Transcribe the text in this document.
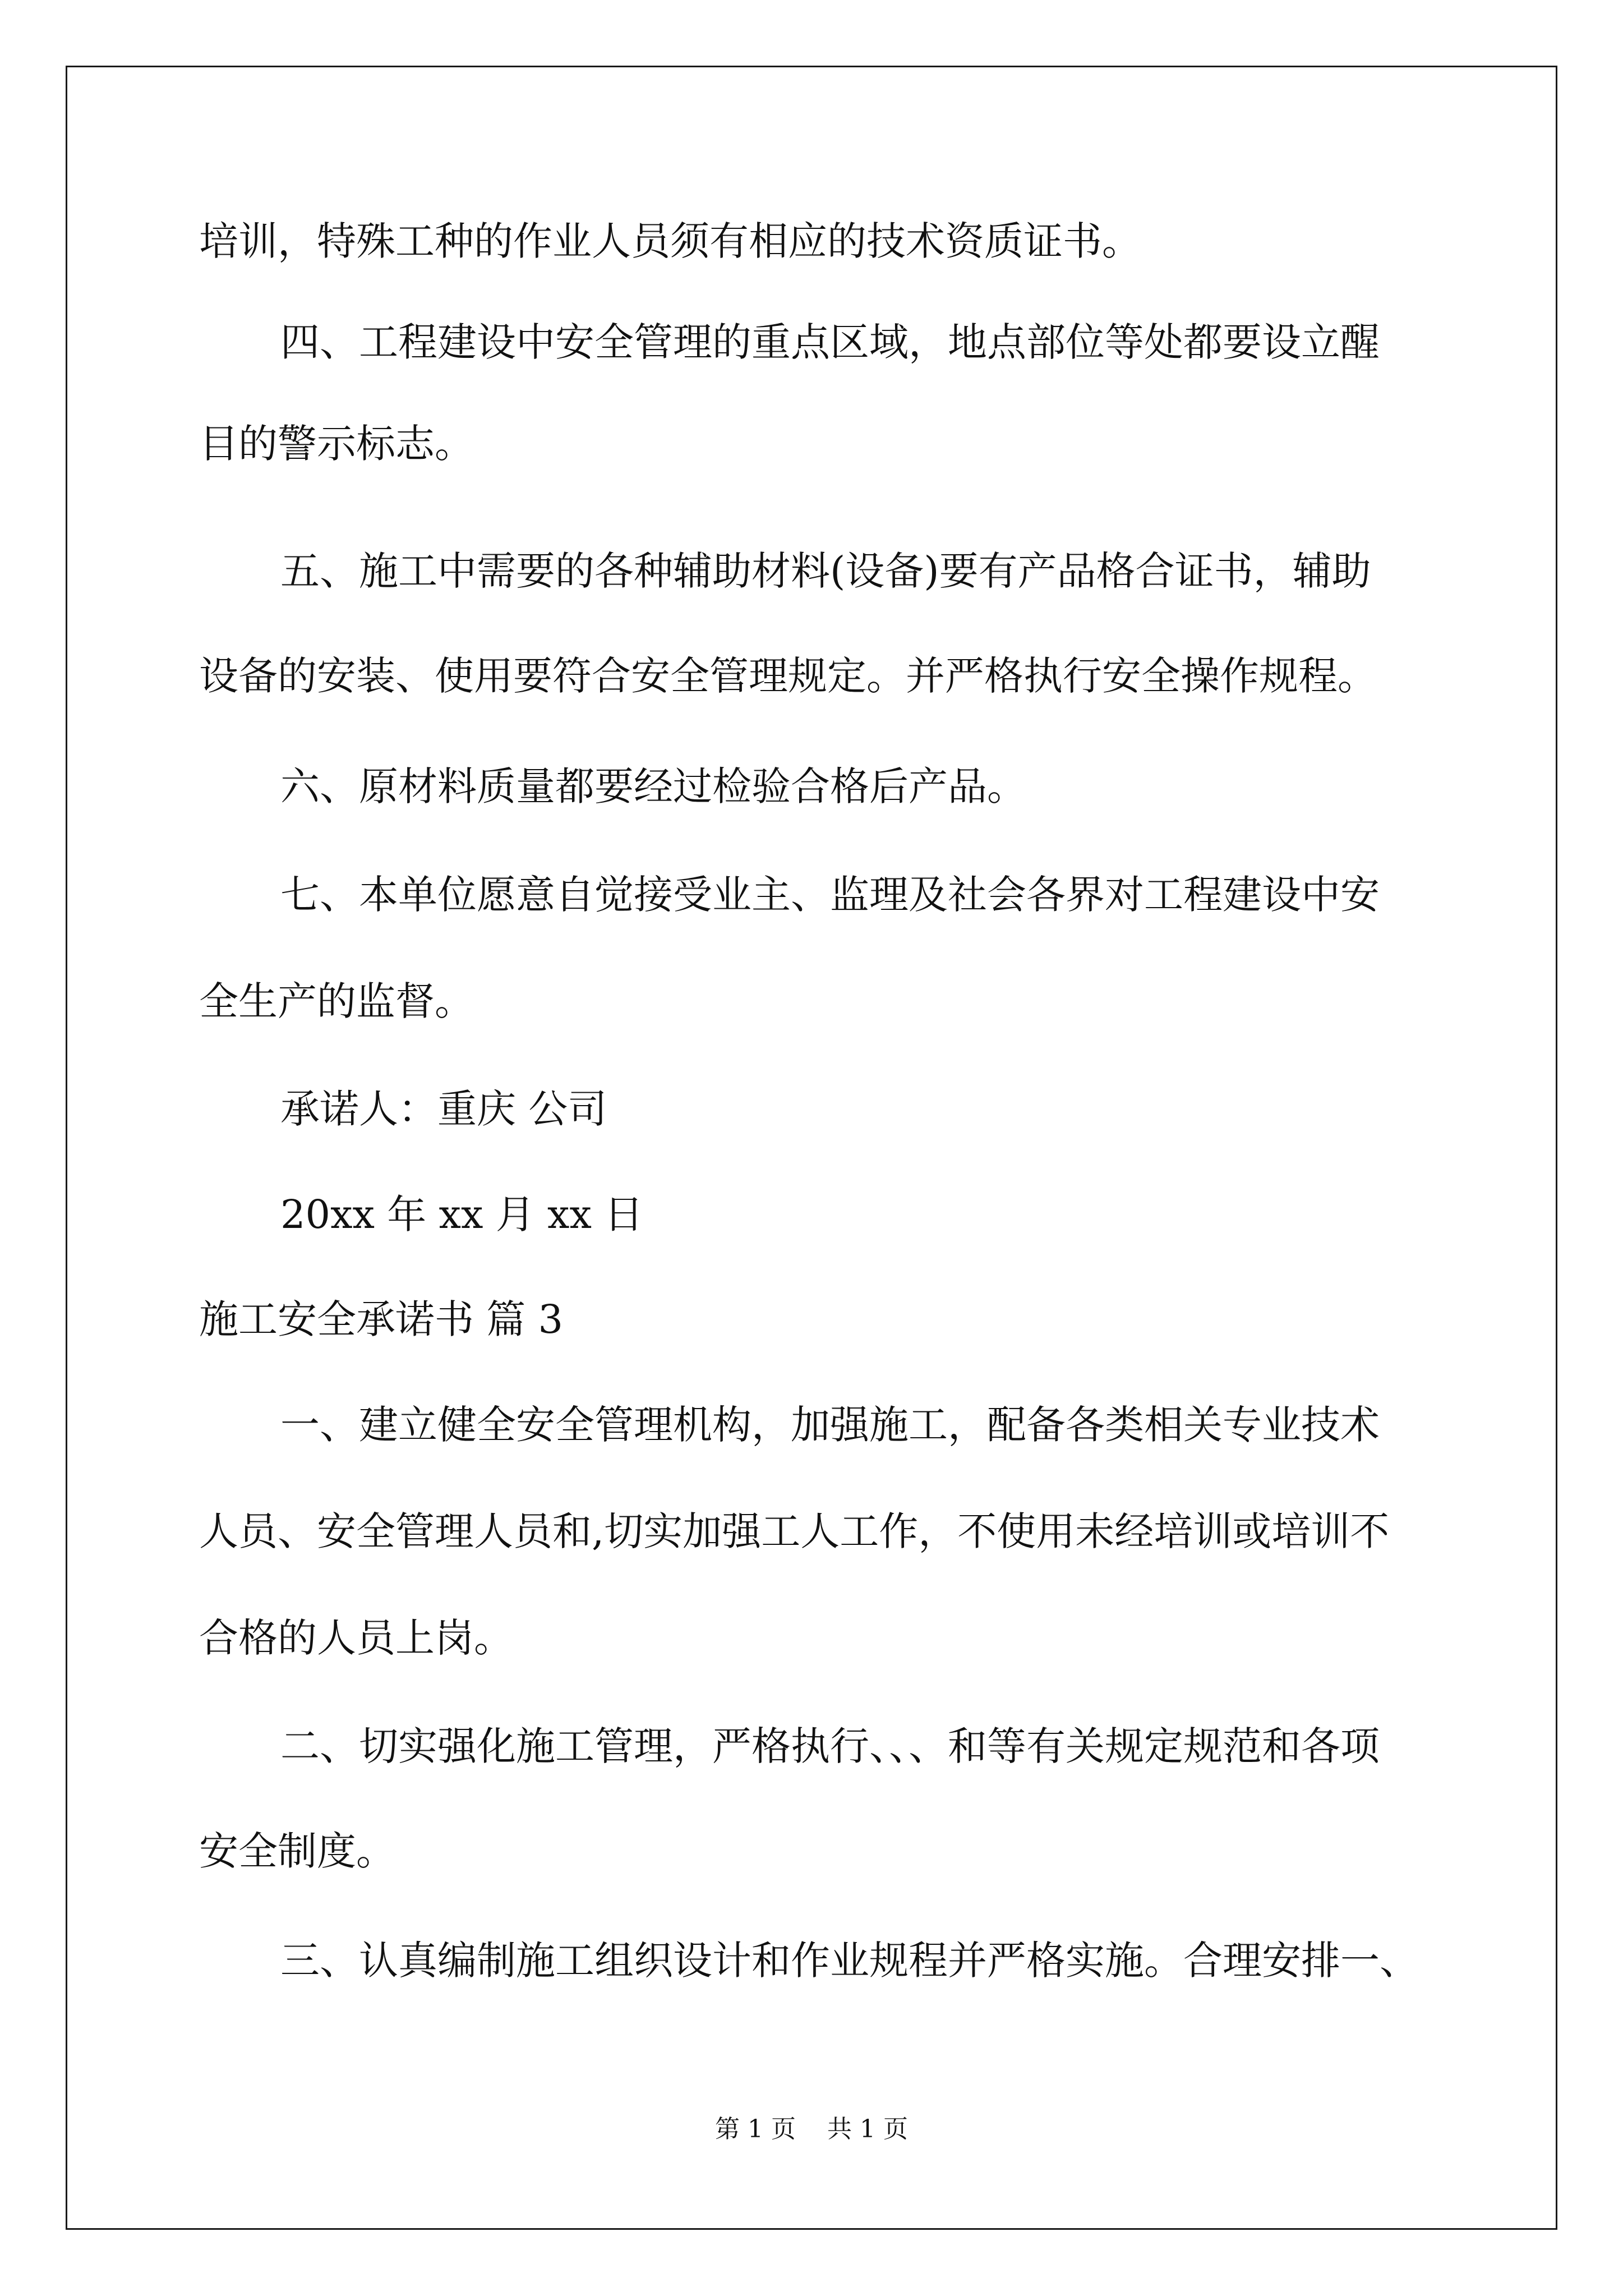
培训，特殊工种的作业人员须有相应的技术资质证书。
四、工程建设中安全管理的重点区域，地点部位等处都要设立醒
目的警示标志。
五、施工中需要的各种辅助材料(设备)要有产品格合证书，辅助
设备的安装、使用要符合安全管理规定。并严格执行安全操作规程。
六、原材料质量都要经过检验合格后产品。
七、本单位愿意自觉接受业主、监理及社会各界对工程建设中安
全生产的监督。
承诺人：重庆 公司
20xx 年 xx 月 xx 日
施工安全承诺书 篇 3
一、建立健全安全管理机构，加强施工，配备各类相关专业技术
人员、安全管理人员和,切实加强工人工作，不使用未经培训或培训不
合格的人员上岗。
二、切实强化施工管理，严格执行、、、和等有关规定规范和各项
安全制度。
三、认真编制施工组织设计和作业规程并严格实施。合理安排一、
第 1 页 共 1 页
